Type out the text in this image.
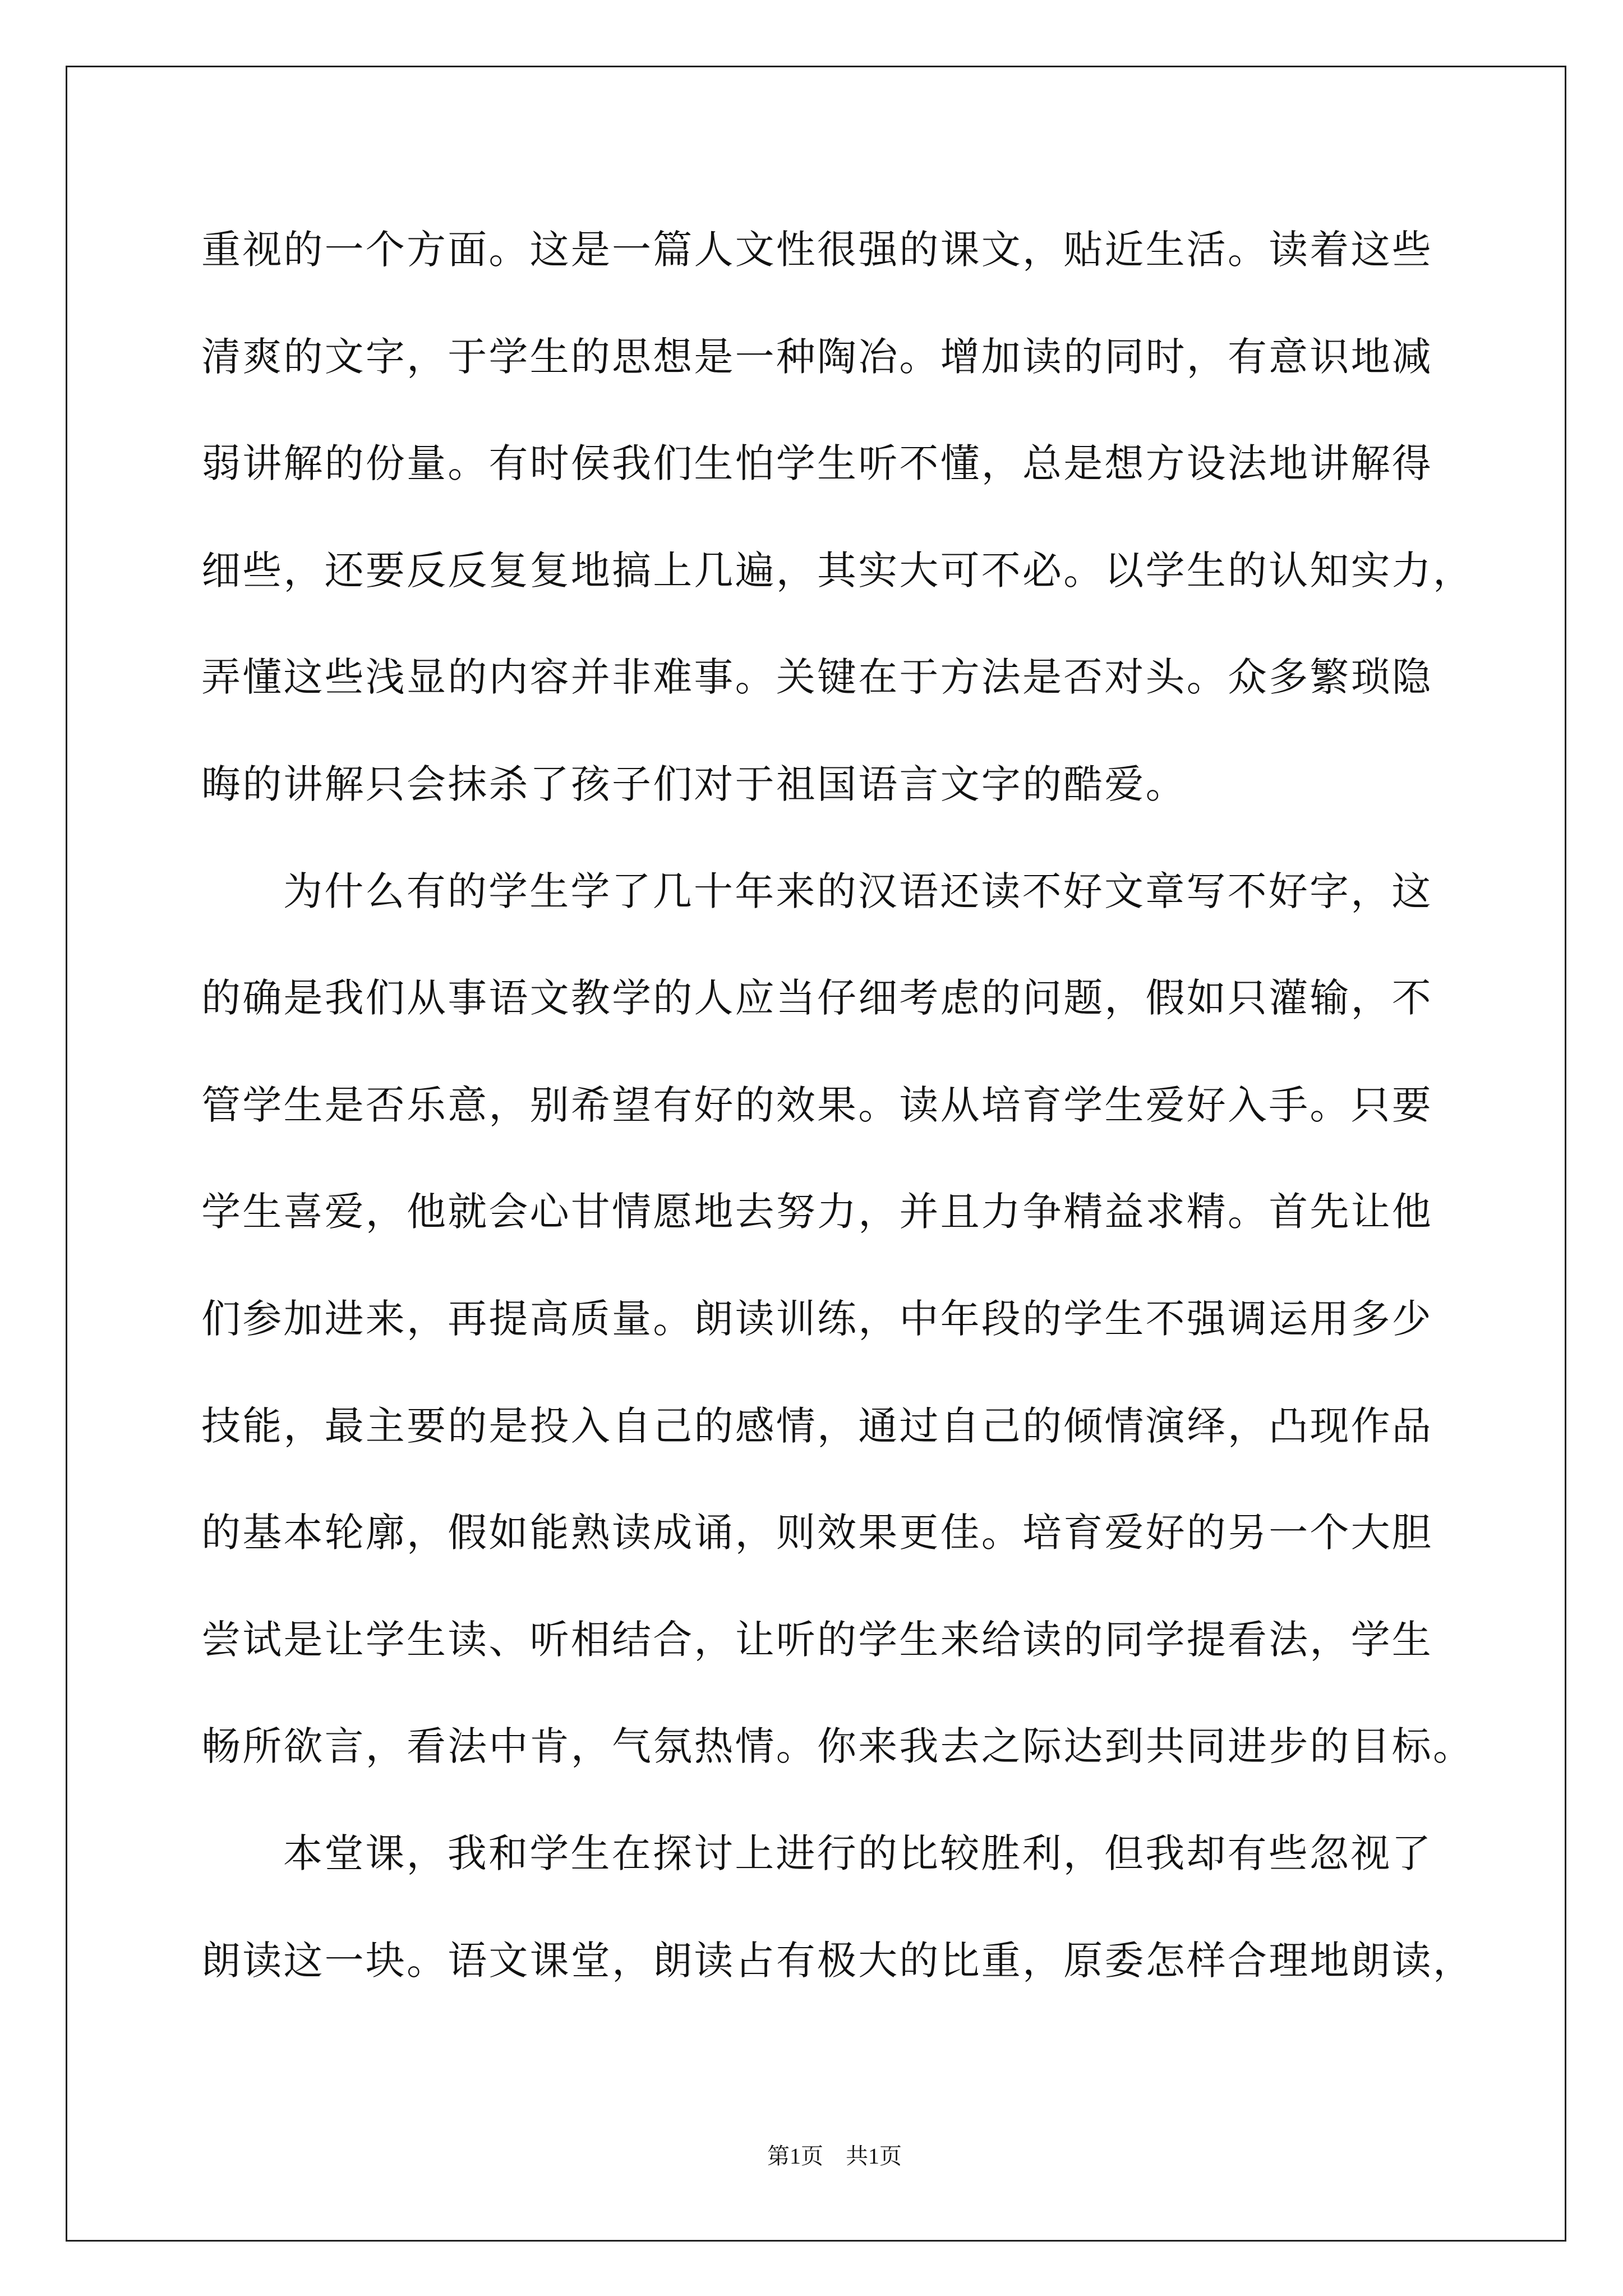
重视的一个方面。这是一篇人文性很强的课文，贴近生活。读着这些
清爽的文字，于学生的思想是一种陶冶。增加读的同时，有意识地减
弱讲解的份量。有时侯我们生怕学生听不懂，总是想方设法地讲解得
细些，还要反反复复地搞上几遍，其实大可不必。以学生的认知实力，
弄懂这些浅显的内容并非难事。关键在于方法是否对头。众多繁琐隐
晦的讲解只会抹杀了孩子们对于祖国语言文字的酷爱。
为什么有的学生学了几十年来的汉语还读不好文章写不好字，这
的确是我们从事语文教学的人应当仔细考虑的问题，假如只灌输，不
管学生是否乐意，别希望有好的效果。读从培育学生爱好入手。只要
学生喜爱，他就会心甘情愿地去努力，并且力争精益求精。首先让他
们参加进来，再提高质量。朗读训练，中年段的学生不强调运用多少
技能，最主要的是投入自己的感情，通过自己的倾情演绎，凸现作品
的基本轮廓，假如能熟读成诵，则效果更佳。培育爱好的另一个大胆
尝试是让学生读、听相结合，让听的学生来给读的同学提看法，学生
畅所欲言，看法中肯，气氛热情。你来我去之际达到共同进步的目标。
本堂课，我和学生在探讨上进行的比较胜利，但我却有些忽视了
朗读这一块。语文课堂，朗读占有极大的比重，原委怎样合理地朗读，
第1页 共1页
